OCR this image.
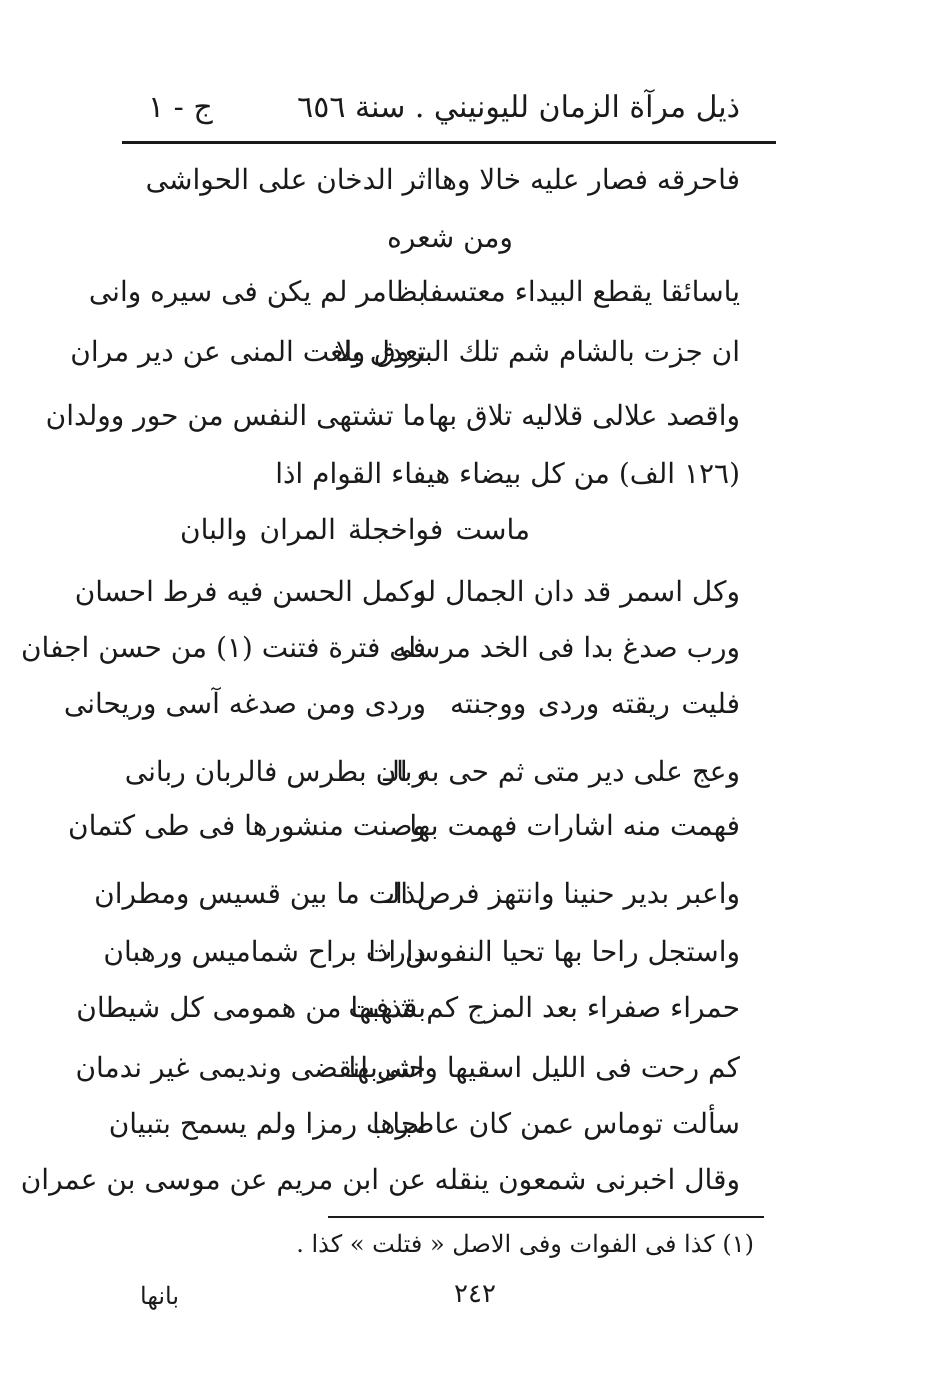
ذيل مرآة الزمان لليونيني . سنة ٦٥٦
ج - ١
فاحرقه فصار عليه خالا وهااثر الدخان على الحواشى
ومن شعره
ياسائقا يقطع البيداء معتسفا
بظامر لم يكن فى سيره وانى
ان جزت بالشام شم تلك البروق ولا
تعدل بلغت المنى عن دير مران
واقصد علالى قلاليه تلاق بها
ما تشتهى النفس من حور وولدان
(١٢٦ الف) من كل بيضاء هيفاء القوام اذا
ماست فواخجلة المران والبان
وكل اسمر قد دان الجمال له
وكمل الحسن فيه فرط احسان
ورب صدغ بدا فى الخد مرسله
فى فترة فتنت (١) من حسن اجفان
فليت ريقته وردى ووجنته
وردى ومن صدغه آسى وريحانى
وعج على دير متى ثم حى به الـ
ربان بطرس فالربان ربانى
فهمت منه اشارات فهمت بها
وصنت منشورها فى طى كتمان
واعبر بدير حنينا وانتهز فرص الـ
لذات ما بين قسيس ومطران
واستجل راحا بها تحيا النفوس اذا
دارت براح شماميس ورهبان
حمراء صفراء بعد المزج كم قذفت
بشهبها من همومى كل شيطان
كم رحت فى الليل اسقيها واشربها
حتى انقضى ونديمى غير ندمان
سألت توماس عمن كان عاصرها
اجاب رمزا ولم يسمح بتبيان
وقال اخبرنى شمعون ينقله
عن ابن مريم عن موسى بن عمران
(١) كذا فى الفوات وفى الاصل « فتلت » كذا .
٢٤٢
بانها
